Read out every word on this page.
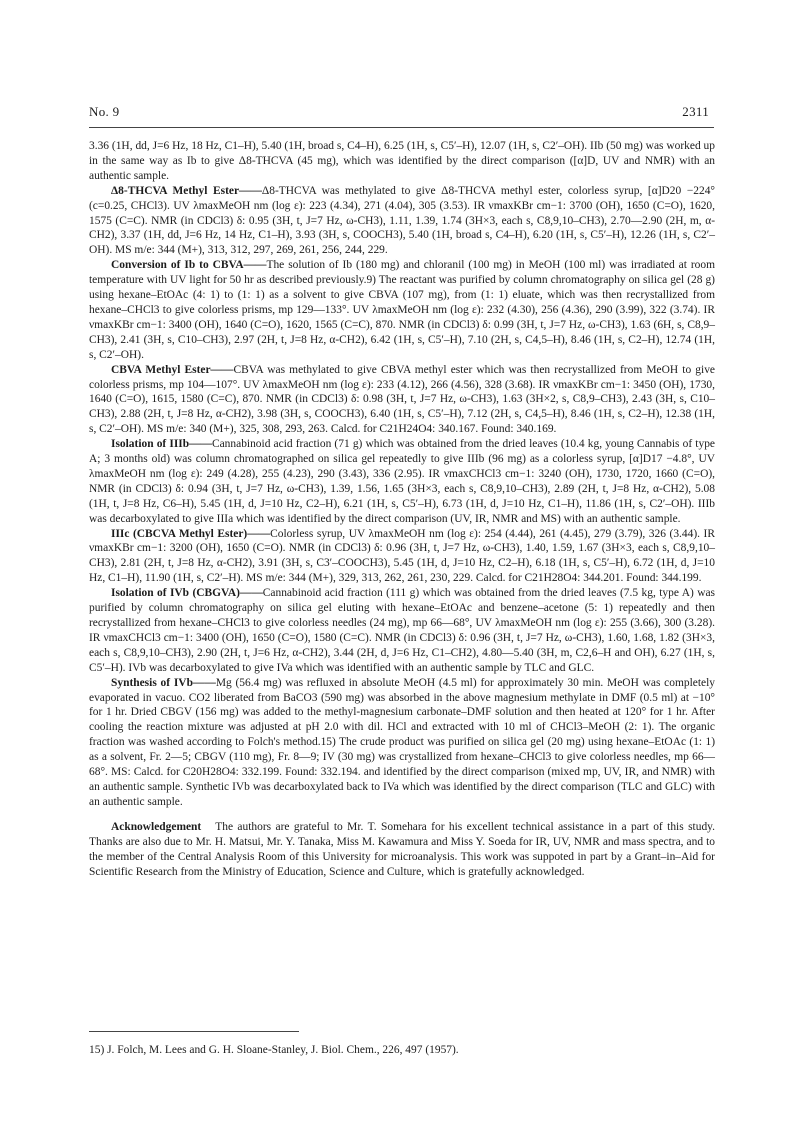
No. 9	2311

3.36 (1H, dd, J=6 Hz, 18 Hz, C1–H), 5.40 (1H, broad s, C4–H), 6.25 (1H, s, C5′–H), 12.07 (1H, s, C2′–OH). IIb (50 mg) was worked up in the same way as Ib to give Δ8-THCVA (45 mg), which was identified by the direct comparison ([α]D, UV and NMR) with an authentic sample.

Δ8-THCVA Methyl Ester——Δ8-THCVA was methylated to give Δ8-THCVA methyl ester, colorless syrup, [α]D20 −224° (c=0.25, CHCl3). UV λmaxMeOH nm (log ε): 223 (4.34), 271 (4.04), 305 (3.53). IR νmaxKBr cm−1: 3700 (OH), 1650 (C=O), 1620, 1575 (C=C). NMR (in CDCl3) δ: 0.95 (3H, t, J=7 Hz, ω-CH3), 1.11, 1.39, 1.74 (3H×3, each s, C8,9,10–CH3), 2.70—2.90 (2H, m, α-CH2), 3.37 (1H, dd, J=6 Hz, 14 Hz, C1–H), 3.93 (3H, s, COOCH3), 5.40 (1H, broad s, C4–H), 6.20 (1H, s, C5′–H), 12.26 (1H, s, C2′–OH). MS m/e: 344 (M+), 313, 312, 297, 269, 261, 256, 244, 229.

Conversion of Ib to CBVA——The solution of Ib (180 mg) and chloranil (100 mg) in MeOH (100 ml) was irradiated at room temperature with UV light for 50 hr as described previously.9) The reactant was purified by column chromatography on silica gel (28 g) using hexane–EtOAc (4: 1) to (1: 1) as a solvent to give CBVA (107 mg), from (1: 1) eluate, which was then recrystallized from hexane–CHCl3 to give colorless prisms, mp 129—133°. UV λmaxMeOH nm (log ε): 232 (4.30), 256 (4.36), 290 (3.99), 322 (3.74). IR νmaxKBr cm−1: 3400 (OH), 1640 (C=O), 1620, 1565 (C=C), 870. NMR (in CDCl3) δ: 0.99 (3H, t, J=7 Hz, ω-CH3), 1.63 (6H, s, C8,9–CH3), 2.41 (3H, s, C10–CH3), 2.97 (2H, t, J=8 Hz, α-CH2), 6.42 (1H, s, C5′–H), 7.10 (2H, s, C4,5–H), 8.46 (1H, s, C2–H), 12.74 (1H, s, C2′–OH).

CBVA Methyl Ester——CBVA was methylated to give CBVA methyl ester which was then recrystallized from MeOH to give colorless prisms, mp 104—107°. UV λmaxMeOH nm (log ε): 233 (4.12), 266 (4.56), 328 (3.68). IR νmaxKBr cm−1: 3450 (OH), 1730, 1640 (C=O), 1615, 1580 (C=C), 870. NMR (in CDCl3) δ: 0.98 (3H, t, J=7 Hz, ω-CH3), 1.63 (3H×2, s, C8,9–CH3), 2.43 (3H, s, C10–CH3), 2.88 (2H, t, J=8 Hz, α-CH2), 3.98 (3H, s, COOCH3), 6.40 (1H, s, C5′–H), 7.12 (2H, s, C4,5–H), 8.46 (1H, s, C2–H), 12.38 (1H, s, C2′–OH). MS m/e: 340 (M+), 325, 308, 293, 263. Calcd. for C21H24O4: 340.167. Found: 340.169.

Isolation of IIIb——Cannabinoid acid fraction (71 g) which was obtained from the dried leaves (10.4 kg, young Cannabis of type A; 3 months old) was column chromatographed on silica gel repeatedly to give IIIb (96 mg) as a colorless syrup, [α]D17 −4.8°, UV λmaxMeOH nm (log ε): 249 (4.28), 255 (4.23), 290 (3.43), 336 (2.95). IR νmaxCHCl3 cm−1: 3240 (OH), 1730, 1720, 1660 (C=O), NMR (in CDCl3) δ: 0.94 (3H, t, J=7 Hz, ω-CH3), 1.39, 1.56, 1.65 (3H×3, each s, C8,9,10–CH3), 2.89 (2H, t, J=8 Hz, α-CH2), 5.08 (1H, t, J=8 Hz, C6–H), 5.45 (1H, d, J=10 Hz, C2–H), 6.21 (1H, s, C5′–H), 6.73 (1H, d, J=10 Hz, C1–H), 11.86 (1H, s, C2′–OH). IIIb was decarboxylated to give IIIa which was identified by the direct comparison (UV, IR, NMR and MS) with an authentic sample.

IIIc (CBCVA Methyl Ester)——Colorless syrup, UV λmaxMeOH nm (log ε): 254 (4.44), 261 (4.45), 279 (3.79), 326 (3.44). IR νmaxKBr cm−1: 3200 (OH), 1650 (C=O). NMR (in CDCl3) δ: 0.96 (3H, t, J=7 Hz, ω-CH3), 1.40, 1.59, 1.67 (3H×3, each s, C8,9,10–CH3), 2.81 (2H, t, J=8 Hz, α-CH2), 3.91 (3H, s, C3′–COOCH3), 5.45 (1H, d, J=10 Hz, C2–H), 6.18 (1H, s, C5′–H), 6.72 (1H, d, J=10 Hz, C1–H), 11.90 (1H, s, C2′–H). MS m/e: 344 (M+), 329, 313, 262, 261, 230, 229. Calcd. for C21H28O4: 344.201. Found: 344.199.

Isolation of IVb (CBGVA)——Cannabinoid acid fraction (111 g) which was obtained from the dried leaves (7.5 kg, type A) was purified by column chromatography on silica gel eluting with hexane–EtOAc and benzene–acetone (5: 1) repeatedly and then recrystallized from hexane–CHCl3 to give colorless needles (24 mg), mp 66—68°, UV λmaxMeOH nm (log ε): 255 (3.66), 300 (3.28). IR νmaxCHCl3 cm−1: 3400 (OH), 1650 (C=O), 1580 (C=C). NMR (in CDCl3) δ: 0.96 (3H, t, J=7 Hz, ω-CH3), 1.60, 1.68, 1.82 (3H×3, each s, C8,9,10–CH3), 2.90 (2H, t, J=6 Hz, α-CH2), 3.44 (2H, d, J=6 Hz, C1–CH2), 4.80—5.40 (3H, m, C2,6–H and OH), 6.27 (1H, s, C5′–H). IVb was decarboxylated to give IVa which was identified with an authentic sample by TLC and GLC.

Synthesis of IVb——Mg (56.4 mg) was refluxed in absolute MeOH (4.5 ml) for approximately 30 min. MeOH was completely evaporated in vacuo. CO2 liberated from BaCO3 (590 mg) was absorbed in the above magnesium methylate in DMF (0.5 ml) at −10° for 1 hr. Dried CBGV (156 mg) was added to the methyl-magnesium carbonate–DMF solution and then heated at 120° for 1 hr. After cooling the reaction mixture was adjusted at pH 2.0 with dil. HCl and extracted with 10 ml of CHCl3–MeOH (2: 1). The organic fraction was washed according to Folch's method.15) The crude product was purified on silica gel (20 mg) using hexane–EtOAc (1: 1) as a solvent, Fr. 2—5; CBGV (110 mg), Fr. 8—9; IV (30 mg) was crystallized from hexane–CHCl3 to give colorless needles, mp 66—68°. MS: Calcd. for C20H28O4: 332.199. Found: 332.194. and identified by the direct comparison (mixed mp, UV, IR, and NMR) with an authentic sample. Synthetic IVb was decarboxylated back to IVa which was identified by the direct comparison (TLC and GLC) with an authentic sample.

Acknowledgement The authors are grateful to Mr. T. Somehara for his excellent technical assistance in a part of this study. Thanks are also due to Mr. H. Matsui, Mr. Y. Tanaka, Miss M. Kawamura and Miss Y. Soeda for IR, UV, NMR and mass spectra, and to the member of the Central Analysis Room of this University for microanalysis. This work was suppoted in part by a Grant–in–Aid for Scientific Research from the Ministry of Education, Science and Culture, which is gratefully acknowledged.

15) J. Folch, M. Lees and G. H. Sloane-Stanley, J. Biol. Chem., 226, 497 (1957).
